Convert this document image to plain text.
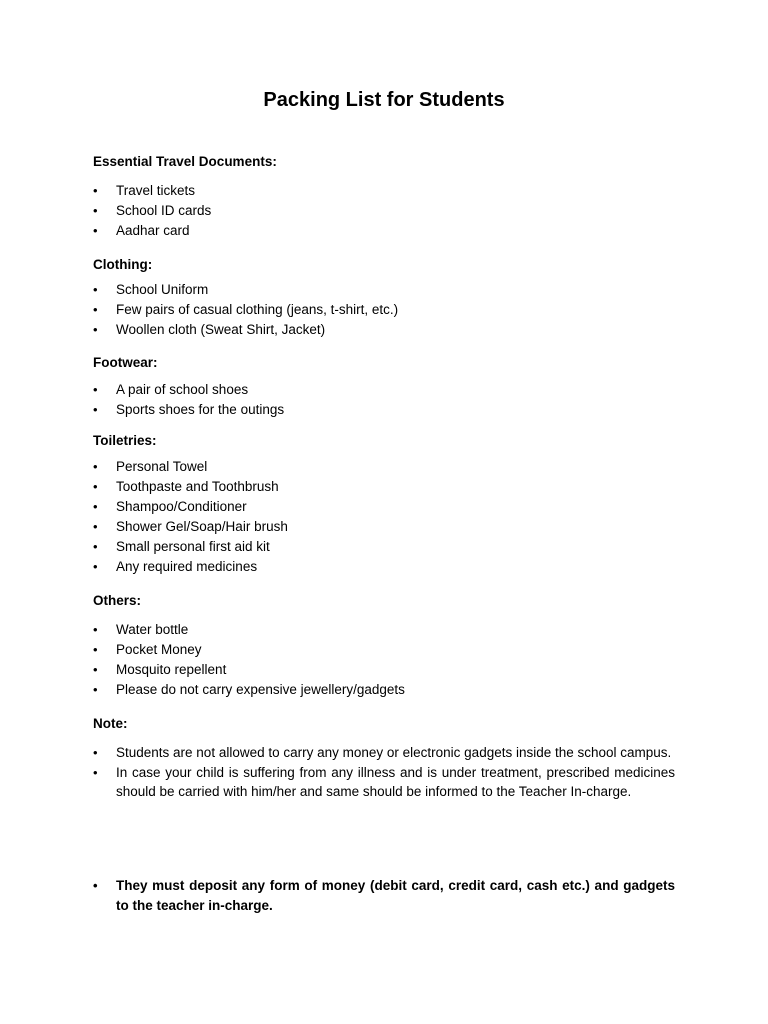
Packing List for Students
Essential Travel Documents:
•	Travel tickets
•	School ID cards
•	Aadhar card
Clothing:
•	School Uniform
•	Few pairs of casual clothing (jeans, t-shirt, etc.)
•	Woollen cloth (Sweat Shirt, Jacket)
Footwear:
•	A pair of school shoes
•	Sports shoes for the outings
Toiletries:
•	Personal Towel
•	Toothpaste and Toothbrush
•	Shampoo/Conditioner
•	Shower Gel/Soap/Hair brush
•	Small personal first aid kit
•	Any required medicines
Others:
•	Water bottle
•	Pocket Money
•	Mosquito repellent
•	Please do not carry expensive jewellery/gadgets
Note:
• Students are not allowed to carry any money or electronic gadgets inside the school campus.
• In case your child is suffering from any illness and is under treatment, prescribed medicines should be carried with him/her and same should be informed to the Teacher In-charge.
• They must deposit any form of money (debit card, credit card, cash etc.) and gadgets to the teacher in-charge.
